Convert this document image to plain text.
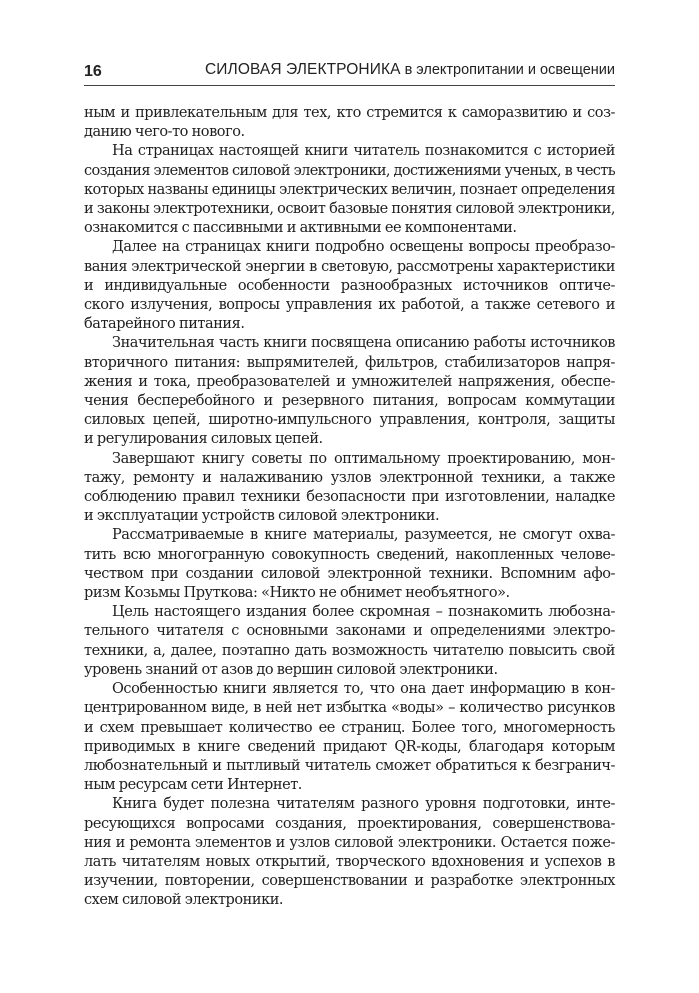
16	СИЛОВАЯ ЭЛЕКТРОНИКА в электропитании и освещении
ным и привлекательным для тех, кто стремится к саморазвитию и соз-
данию чего-то нового.
На страницах настоящей книги читатель познакомится с историей
создания элементов силовой электроники, достижениями ученых, в честь
которых названы единицы электрических величин, познает определения
и законы электротехники, освоит базовые понятия силовой электроники,
ознакомится с пассивными и активными ее компонентами.
Далее на страницах книги подробно освещены вопросы преобразо-
вания электрической энергии в световую, рассмотрены характеристики
и индивидуальные особенности разнообразных источников оптиче-
ского излучения, вопросы управления их работой, а также сетевого и
батарейного питания.
Значительная часть книги посвящена описанию работы источников
вторичного питания: выпрямителей, фильтров, стабилизаторов напря-
жения и тока, преобразователей и умножителей напряжения, обеспе-
чения бесперебойного и резервного питания, вопросам коммутации
силовых цепей, широтно-импульсного управления, контроля, защиты
и регулирования силовых цепей.
Завершают книгу советы по оптимальному проектированию, мон-
тажу, ремонту и налаживанию узлов электронной техники, а также
соблюдению правил техники безопасности при изготовлении, наладке
и эксплуатации устройств силовой электроники.
Рассматриваемые в книге материалы, разумеется, не смогут охва-
тить всю многогранную совокупность сведений, накопленных челове-
чеством при создании силовой электронной техники. Вспомним афо-
ризм Козьмы Пруткова: «Никто не обнимет необъятного».
Цель настоящего издания более скромная – познакомить любозна-
тельного читателя с основными законами и определениями электро-
техники, а, далее, поэтапно дать возможность читателю повысить свой
уровень знаний от азов до вершин силовой электроники.
Особенностью книги является то, что она дает информацию в кон-
центрированном виде, в ней нет избытка «воды» – количество рисунков
и схем превышает количество ее страниц. Более того, многомерность
приводимых в книге сведений придают QR-коды, благодаря которым
любознательный и пытливый читатель сможет обратиться к безгранич-
ным ресурсам сети Интернет.
Книга будет полезна читателям разного уровня подготовки, инте-
ресующихся вопросами создания, проектирования, совершенствова-
ния и ремонта элементов и узлов силовой электроники. Остается поже-
лать читателям новых открытий, творческого вдохновения и успехов в
изучении, повторении, совершенствовании и разработке электронных
схем силовой электроники.
